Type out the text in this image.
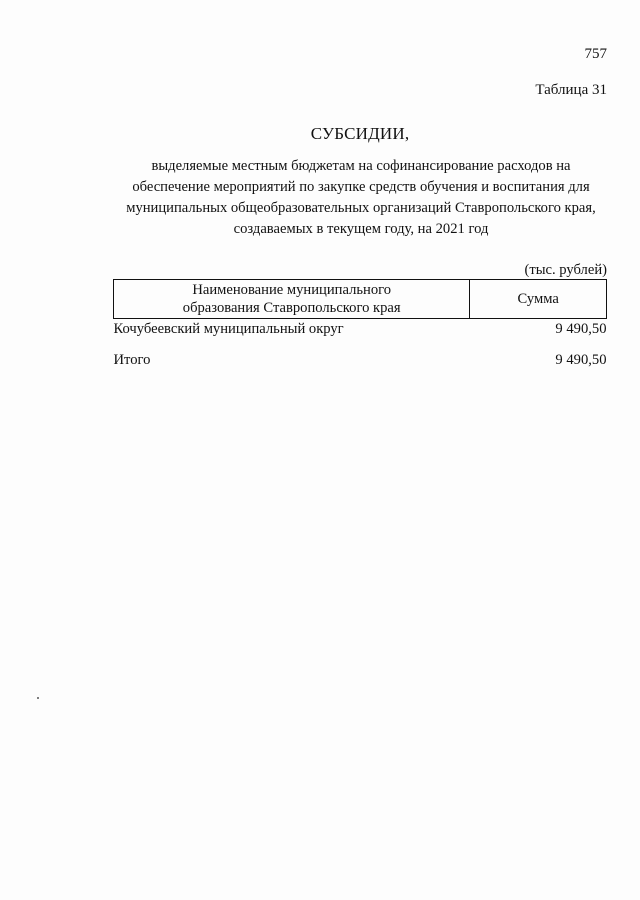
757
Таблица 31
СУБСИДИИ,
выделяемые местным бюджетам на софинансирование расходов на
обеспечение мероприятий по закупке средств обучения и воспитания для
муниципальных общеобразовательных организаций Ставропольского края,
создаваемых в текущем году, на 2021 год
(тыс. рублей)
Наименование муниципального
образования Ставропольского края	Сумма
Кочубеевский муниципальный округ	9 490,50

Итого	9 490,50
